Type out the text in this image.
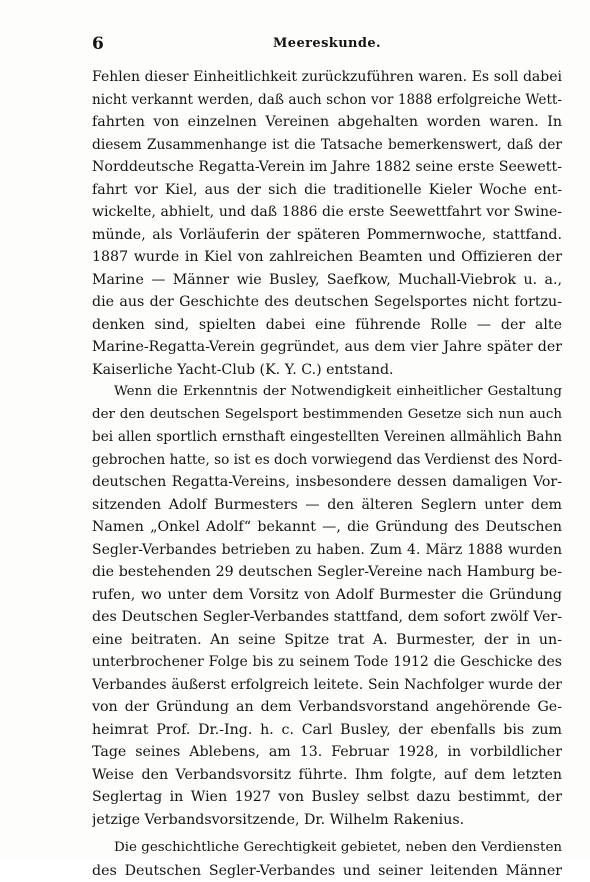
6	Meereskunde.
Fehlen dieser Einheitlichkeit zurückzuführen waren. Es soll dabei
nicht verkannt werden, daß auch schon vor 1888 erfolgreiche Wett-
fahrten von einzelnen Vereinen abgehalten worden waren. In
diesem Zusammenhange ist die Tatsache bemerkenswert, daß der
Norddeutsche Regatta-Verein im Jahre 1882 seine erste Seewett-
fahrt vor Kiel, aus der sich die traditionelle Kieler Woche ent-
wickelte, abhielt, und daß 1886 die erste Seewettfahrt vor Swine-
münde, als Vorläuferin der späteren Pommernwoche, stattfand.
1887 wurde in Kiel von zahlreichen Beamten und Offizieren der
Marine — Männer wie Busley, Saefkow, Muchall-Viebrok u. a.,
die aus der Geschichte des deutschen Segelsportes nicht fortzu-
denken sind, spielten dabei eine führende Rolle — der alte
Marine-Regatta-Verein gegründet, aus dem vier Jahre später der
Kaiserliche Yacht-Club (K. Y. C.) entstand.
Wenn die Erkenntnis der Notwendigkeit einheitlicher Gestaltung
der den deutschen Segelsport bestimmenden Gesetze sich nun auch
bei allen sportlich ernsthaft eingestellten Vereinen allmählich Bahn
gebrochen hatte, so ist es doch vorwiegend das Verdienst des Nord-
deutschen Regatta-Vereins, insbesondere dessen damaligen Vor-
sitzenden Adolf Burmesters — den älteren Seglern unter dem
Namen „Onkel Adolf“ bekannt —, die Gründung des Deutschen
Segler-Verbandes betrieben zu haben. Zum 4. März 1888 wurden
die bestehenden 29 deutschen Segler-Vereine nach Hamburg be-
rufen, wo unter dem Vorsitz von Adolf Burmester die Gründung
des Deutschen Segler-Verbandes stattfand, dem sofort zwölf Ver-
eine beitraten. An seine Spitze trat A. Burmester, der in un-
unterbrochener Folge bis zu seinem Tode 1912 die Geschicke des
Verbandes äußerst erfolgreich leitete. Sein Nachfolger wurde der
von der Gründung an dem Verbandsvorstand angehörende Ge-
heimrat Prof. Dr.-Ing. h. c. Carl Busley, der ebenfalls bis zum
Tage seines Ablebens, am 13. Februar 1928, in vorbildlicher
Weise den Verbandsvorsitz führte. Ihm folgte, auf dem letzten
Seglertag in Wien 1927 von Busley selbst dazu bestimmt, der
jetzige Verbandsvorsitzende, Dr. Wilhelm Rakenius.
Die geschichtliche Gerechtigkeit gebietet, neben den Verdiensten
des Deutschen Segler-Verbandes und seiner leitenden Männer
